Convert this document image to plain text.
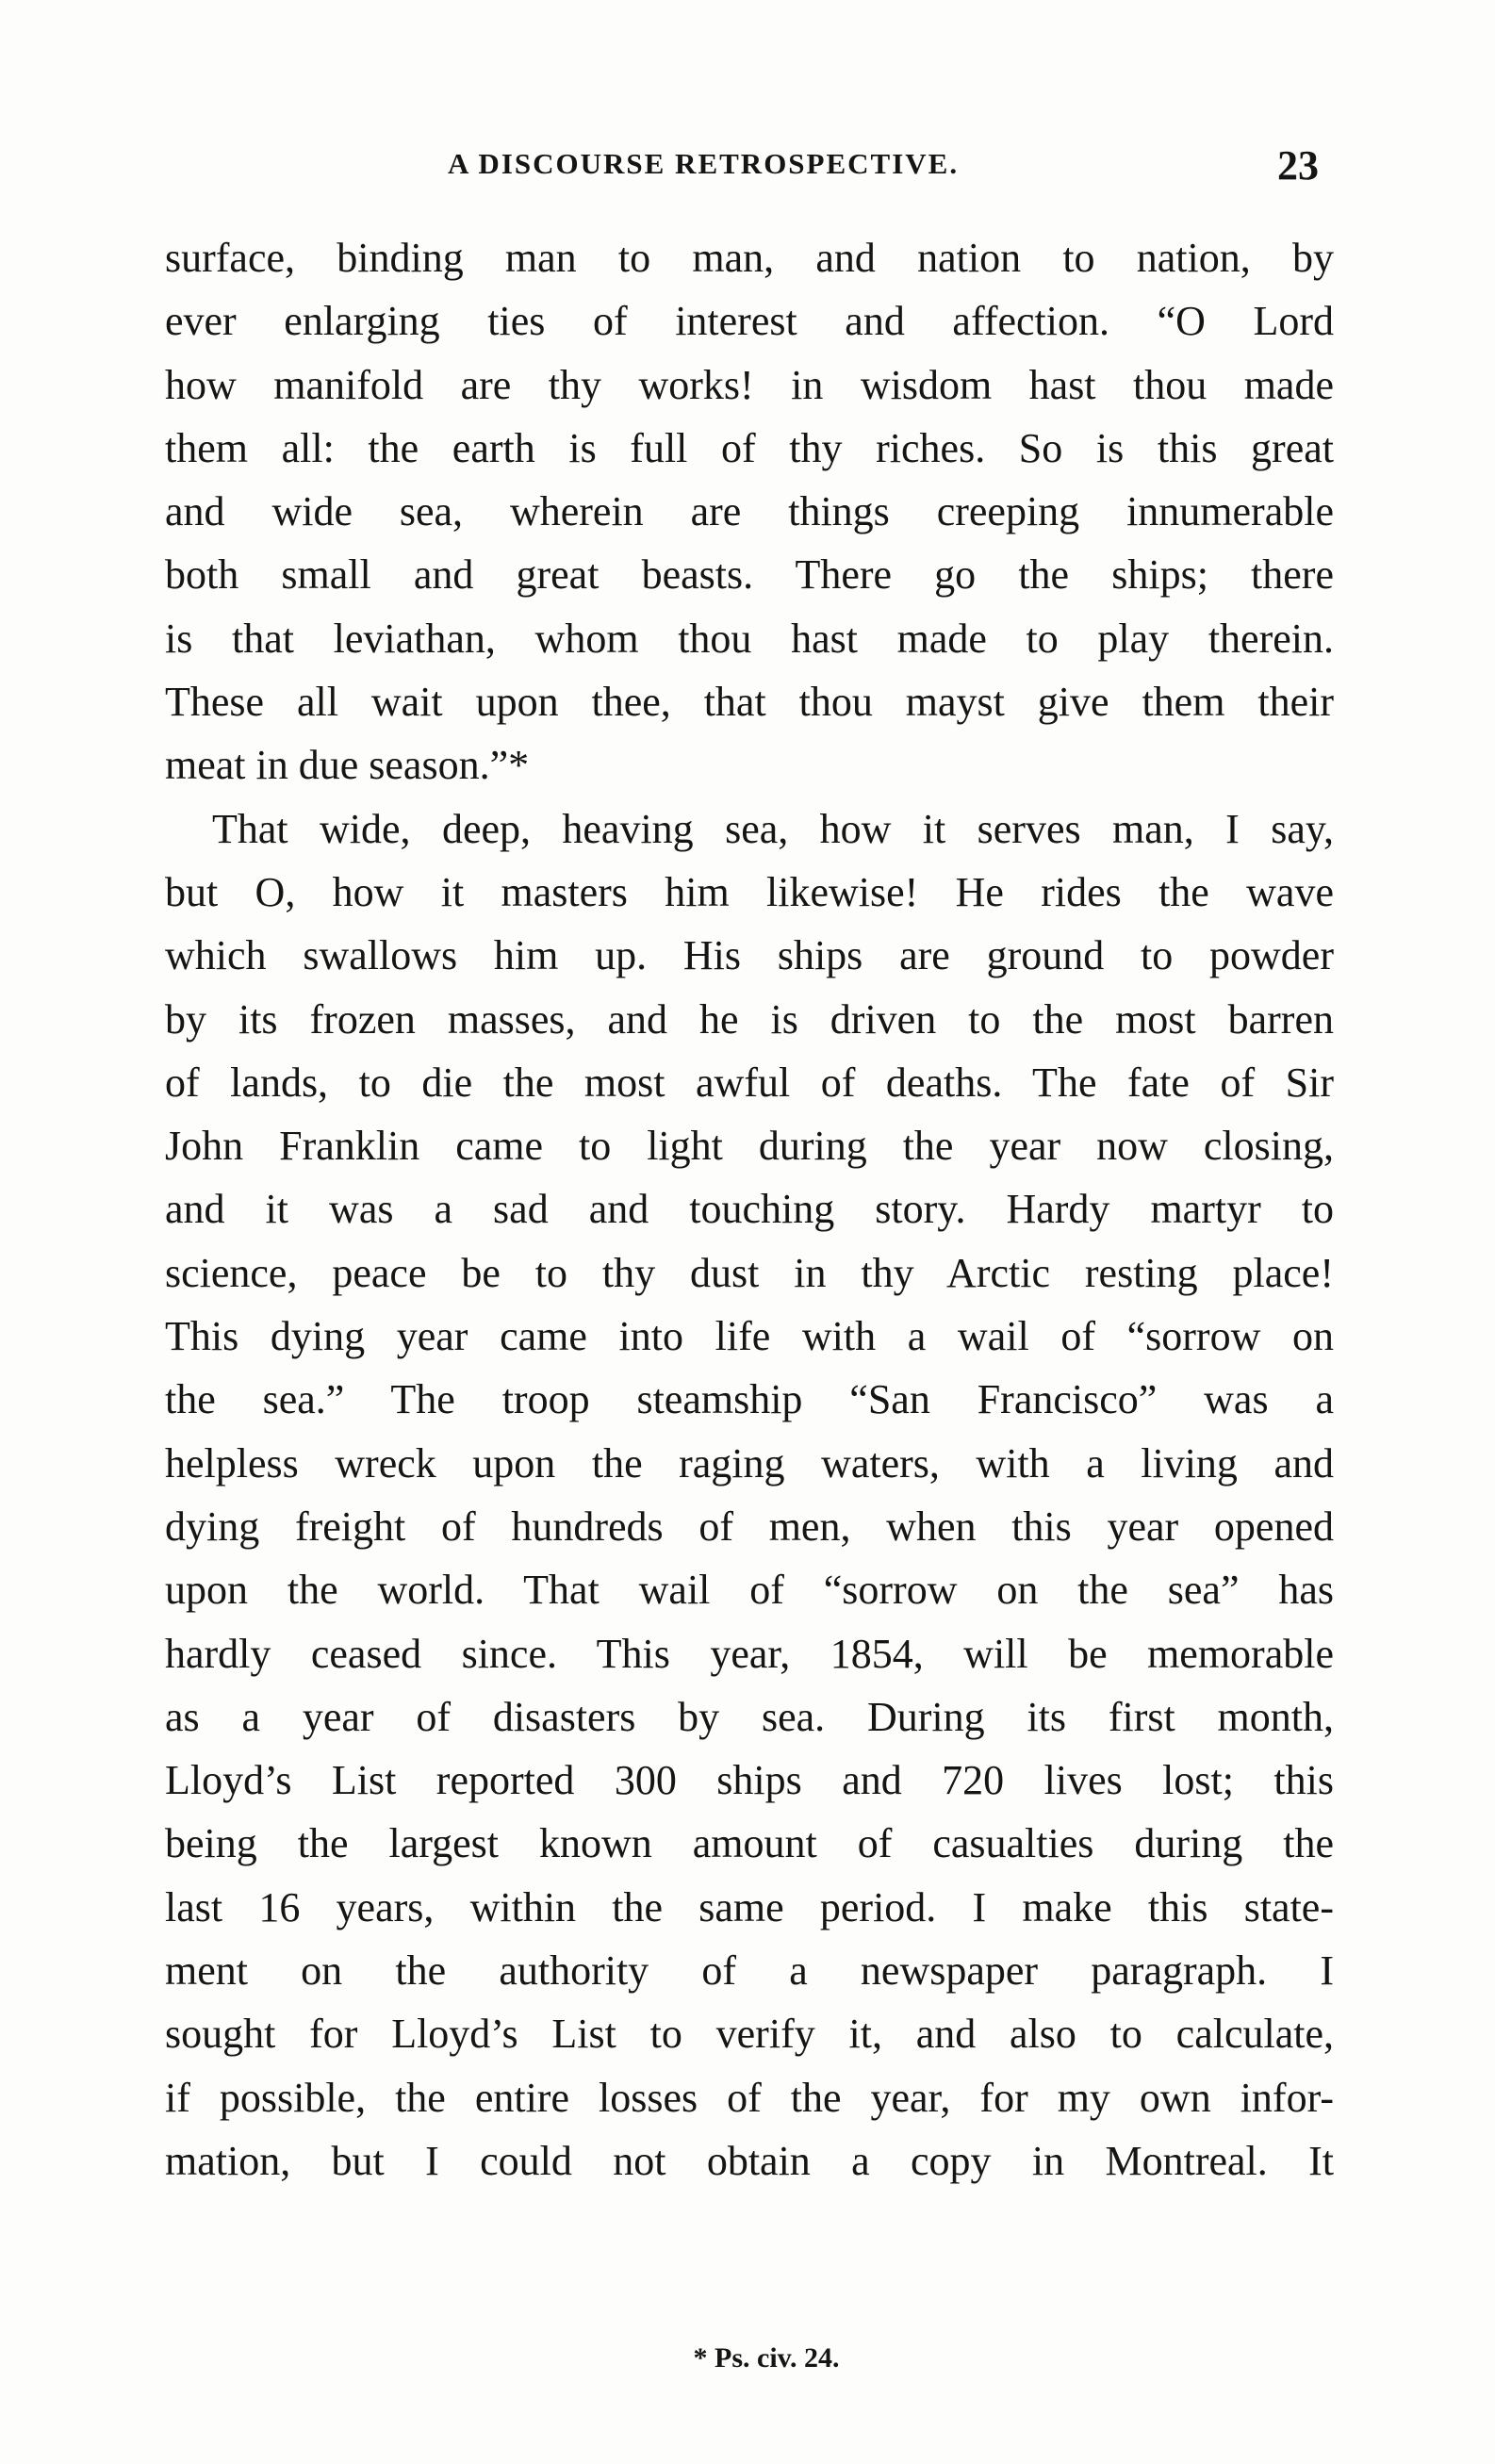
A DISCOURSE RETROSPECTIVE.	23
surface, binding man to man, and nation to nation, by
ever enlarging ties of interest and affection. “O Lord
how manifold are thy works! in wisdom hast thou made
them all: the earth is full of thy riches. So is this great
and wide sea, wherein are things creeping innumerable
both small and great beasts. There go the ships; there
is that leviathan, whom thou hast made to play therein.
These all wait upon thee, that thou mayst give them their
meat in due season.”*
That wide, deep, heaving sea, how it serves man, I say,
but O, how it masters him likewise! He rides the wave
which swallows him up. His ships are ground to powder
by its frozen masses, and he is driven to the most barren
of lands, to die the most awful of deaths. The fate of Sir
John Franklin came to light during the year now closing,
and it was a sad and touching story. Hardy martyr to
science, peace be to thy dust in thy Arctic resting place!
This dying year came into life with a wail of “sorrow on
the sea.” The troop steamship “San Francisco” was a
helpless wreck upon the raging waters, with a living and
dying freight of hundreds of men, when this year opened
upon the world. That wail of “sorrow on the sea” has
hardly ceased since. This year, 1854, will be memorable
as a year of disasters by sea. During its first month,
Lloyd’s List reported 300 ships and 720 lives lost; this
being the largest known amount of casualties during the
last 16 years, within the same period. I make this state-
ment on the authority of a newspaper paragraph. I
sought for Lloyd’s List to verify it, and also to calculate,
if possible, the entire losses of the year, for my own infor-
mation, but I could not obtain a copy in Montreal. It
* Ps. civ. 24.
